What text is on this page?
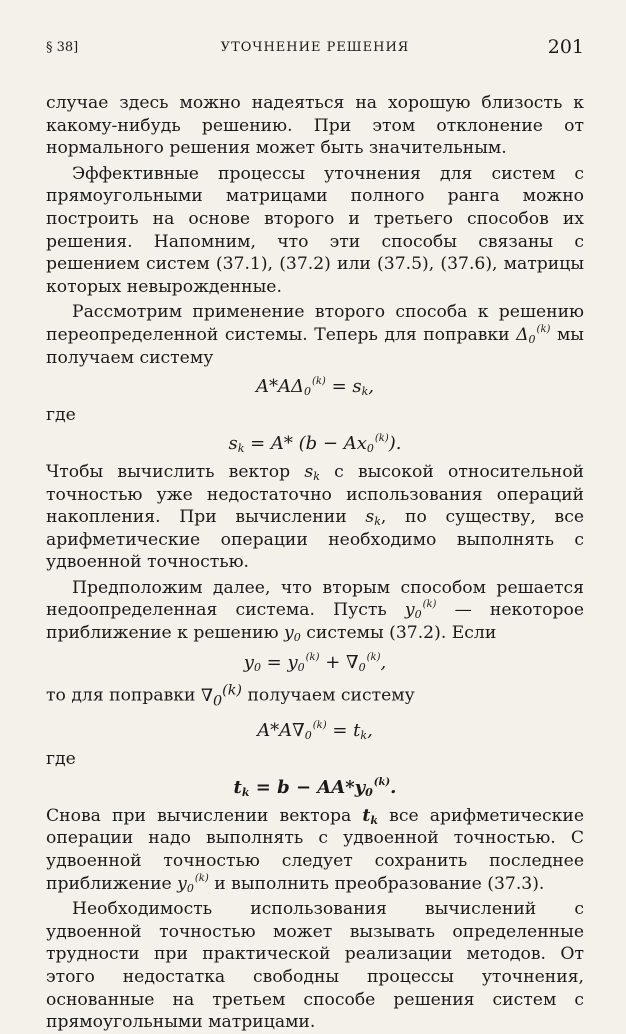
§ 38]	УТОЧНЕНИЕ РЕШЕНИЯ	201

случае здесь можно надеяться на хорошую близость к какому-нибудь решению. При этом отклонение от нормального решения может быть значительным.

Эффективные процессы уточнения для систем с прямоугольными матрицами полного ранга можно построить на основе второго и третьего способов их решения. Напомним, что эти способы связаны с решением систем (37.1), (37.2) или (37.5), (37.6), матрицы которых невырожденные.

Рассмотрим применение второго способа к решению переопределенной системы. Теперь для поправки $\Delta_0^{(k)}$ мы получаем систему

$A*A\Delta_0^{(k)} = s_k$,

где

$s_k = A*$ $(b - Ax_0^{(k)})$.

Чтобы вычислить вектор $s_k$ с высокой относительной точностью уже недостаточно использования операций накопления. При вычислении $s_k$, по существу, все арифметические операции необходимо выполнять с удвоенной точностью.

Предположим далее, что вторым способом решается недоопределенная система. Пусть $y_0^{(k)}$ — некоторое приближение к решению $y_0$ системы (37.2). Если

$y_0 = y_0^{(k)} + \nabla_0^{(k)}$,

то для поправки $\nabla_0^{(k)}$ получаем систему

$A*A\nabla_0^{(k)} = t_k$,

где

$t_k = b - AA*y_0^{(k)}$.

Снова при вычислении вектора $t_k$ все арифметические операции надо выполнять с удвоенной точностью. С удвоенной точностью следует сохранить последнее приближение $y_0^{(k)}$ и выполнить преобразование (37.3).

Необходимость использования вычислений с удвоенной точностью может вызывать определенные трудности при практической реализации методов. От этого недостатка свободны процессы уточнения, основанные на третьем способе решения систем с прямоугольными матрицами.
